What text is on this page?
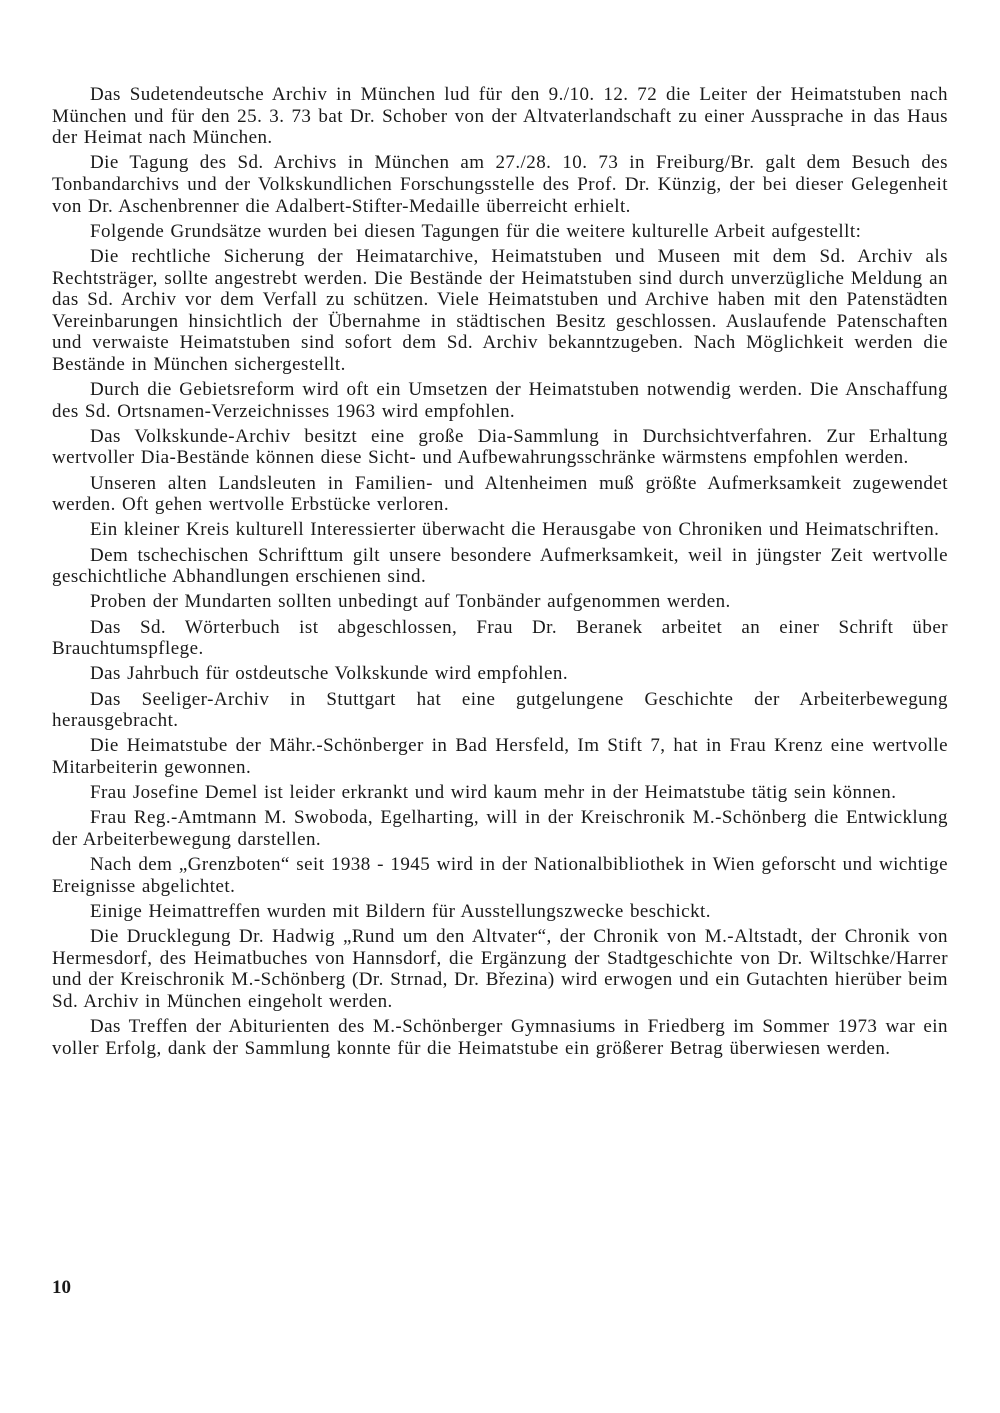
Das Sudetendeutsche Archiv in München lud für den 9./10. 12. 72 die Leiter der Heimatstuben nach München und für den 25. 3. 73 bat Dr. Schober von der Altvaterlandschaft zu einer Aussprache in das Haus der Heimat nach München.

Die Tagung des Sd. Archivs in München am 27./28. 10. 73 in Freiburg/Br. galt dem Besuch des Tonbandarchivs und der Volkskundlichen Forschungsstelle des Prof. Dr. Künzig, der bei dieser Gelegenheit von Dr. Aschenbrenner die Adalbert-Stifter-Medaille überreicht erhielt.

Folgende Grundsätze wurden bei diesen Tagungen für die weitere kulturelle Arbeit aufgestellt:

Die rechtliche Sicherung der Heimatarchive, Heimatstuben und Museen mit dem Sd. Archiv als Rechtsträger, sollte angestrebt werden. Die Bestände der Heimatstuben sind durch unverzügliche Meldung an das Sd. Archiv vor dem Verfall zu schützen. Viele Heimatstuben und Archive haben mit den Patenstädten Vereinbarungen hinsichtlich der Übernahme in städtischen Besitz geschlossen. Auslaufende Patenschaften und verwaiste Heimatstuben sind sofort dem Sd. Archiv bekanntzugeben. Nach Möglichkeit werden die Bestände in München sichergestellt.

Durch die Gebietsreform wird oft ein Umsetzen der Heimatstuben notwendig werden. Die Anschaffung des Sd. Ortsnamen-Verzeichnisses 1963 wird empfohlen.

Das Volkskunde-Archiv besitzt eine große Dia-Sammlung in Durchsichtverfahren. Zur Erhaltung wertvoller Dia-Bestände können diese Sicht- und Aufbewahrungsschränke wärmstens empfohlen werden.

Unseren alten Landsleuten in Familien- und Altenheimen muß größte Aufmerksamkeit zugewendet werden. Oft gehen wertvolle Erbstücke verloren.

Ein kleiner Kreis kulturell Interessierter überwacht die Herausgabe von Chroniken und Heimatschriften.

Dem tschechischen Schrifttum gilt unsere besondere Aufmerksamkeit, weil in jüngster Zeit wertvolle geschichtliche Abhandlungen erschienen sind.

Proben der Mundarten sollten unbedingt auf Tonbänder aufgenommen werden.

Das Sd. Wörterbuch ist abgeschlossen, Frau Dr. Beranek arbeitet an einer Schrift über Brauchtumspflege.

Das Jahrbuch für ostdeutsche Volkskunde wird empfohlen.

Das Seeliger-Archiv in Stuttgart hat eine gutgelungene Geschichte der Arbeiterbewegung herausgebracht.

Die Heimatstube der Mähr.-Schönberger in Bad Hersfeld, Im Stift 7, hat in Frau Krenz eine wertvolle Mitarbeiterin gewonnen.

Frau Josefine Demel ist leider erkrankt und wird kaum mehr in der Heimatstube tätig sein können.

Frau Reg.-Amtmann M. Swoboda, Egelharting, will in der Kreischronik M.-Schönberg die Entwicklung der Arbeiterbewegung darstellen.

Nach dem „Grenzboten“ seit 1938 - 1945 wird in der Nationalbibliothek in Wien geforscht und wichtige Ereignisse abgelichtet.

Einige Heimattreffen wurden mit Bildern für Ausstellungszwecke beschickt.

Die Drucklegung Dr. Hadwig „Rund um den Altvater“, der Chronik von M.-Altstadt, der Chronik von Hermesdorf, des Heimatbuches von Hannsdorf, die Ergänzung der Stadtgeschichte von Dr. Wiltschke/Harrer und der Kreischronik M.-Schönberg (Dr. Strnad, Dr. Březina) wird erwogen und ein Gutachten hierüber beim Sd. Archiv in München eingeholt werden.

Das Treffen der Abiturienten des M.-Schönberger Gymnasiums in Friedberg im Sommer 1973 war ein voller Erfolg, dank der Sammlung konnte für die Heimatstube ein größerer Betrag überwiesen werden.

10
